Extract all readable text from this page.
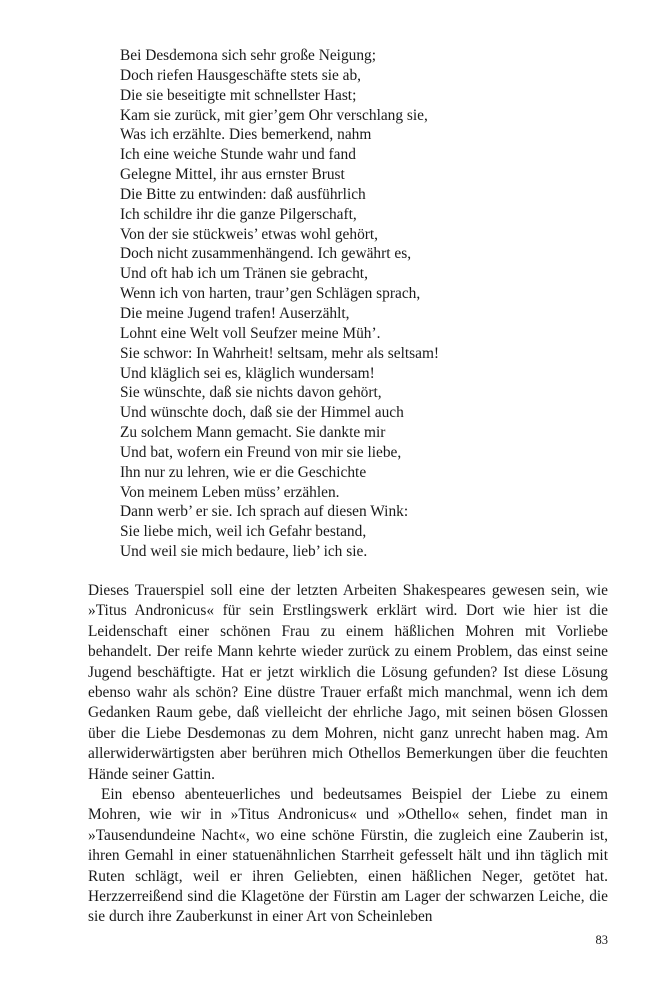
Bei Desdemona sich sehr große Neigung;
Doch riefen Hausgeschäfte stets sie ab,
Die sie beseitigte mit schnellster Hast;
Kam sie zurück, mit gier’gem Ohr verschlang sie,
Was ich erzählte. Dies bemerkend, nahm
Ich eine weiche Stunde wahr und fand
Gelegne Mittel, ihr aus ernster Brust
Die Bitte zu entwinden: daß ausführlich
Ich schildre ihr die ganze Pilgerschaft,
Von der sie stückweis’ etwas wohl gehört,
Doch nicht zusammenhängend. Ich gewährt es,
Und oft hab ich um Tränen sie gebracht,
Wenn ich von harten, traur’gen Schlägen sprach,
Die meine Jugend trafen! Auserzählt,
Lohnt eine Welt voll Seufzer meine Müh’.
Sie schwor: In Wahrheit! seltsam, mehr als seltsam!
Und kläglich sei es, kläglich wundersam!
Sie wünschte, daß sie nichts davon gehört,
Und wünschte doch, daß sie der Himmel auch
Zu solchem Mann gemacht. Sie dankte mir
Und bat, wofern ein Freund von mir sie liebe,
Ihn nur zu lehren, wie er die Geschichte
Von meinem Leben müss’ erzählen.
Dann werb’ er sie. Ich sprach auf diesen Wink:
Sie liebe mich, weil ich Gefahr bestand,
Und weil sie mich bedaure, lieb’ ich sie.

Dieses Trauerspiel soll eine der letzten Arbeiten Shakespeares gewesen sein, wie »Titus Andronicus« für sein Erstlingswerk erklärt wird. Dort wie hier ist die Leidenschaft einer schönen Frau zu einem häßlichen Mohren mit Vorliebe behandelt. Der reife Mann kehrte wieder zurück zu einem Problem, das einst seine Jugend beschäftigte. Hat er jetzt wirklich die Lösung gefunden? Ist diese Lösung ebenso wahr als schön? Eine düstre Trauer erfaßt mich manchmal, wenn ich dem Gedanken Raum gebe, daß vielleicht der ehrliche Jago, mit seinen bösen Glossen über die Liebe Desdemonas zu dem Mohren, nicht ganz unrecht haben mag. Am allerwiderwärtigsten aber berühren mich Othellos Bemerkungen über die feuchten Hände seiner Gattin.

Ein ebenso abenteuerliches und bedeutsames Beispiel der Liebe zu einem Mohren, wie wir in »Titus Andronicus« und »Othello« sehen, findet man in »Tausendundeine Nacht«, wo eine schöne Fürstin, die zugleich eine Zauberin ist, ihren Gemahl in einer statuenähnlichen Starrheit gefesselt hält und ihn täglich mit Ruten schlägt, weil er ihren Geliebten, einen häßlichen Neger, getötet hat. Herzzerreißend sind die Klagetöne der Fürstin am Lager der schwarzen Leiche, die sie durch ihre Zauberkunst in einer Art von Scheinleben

83
